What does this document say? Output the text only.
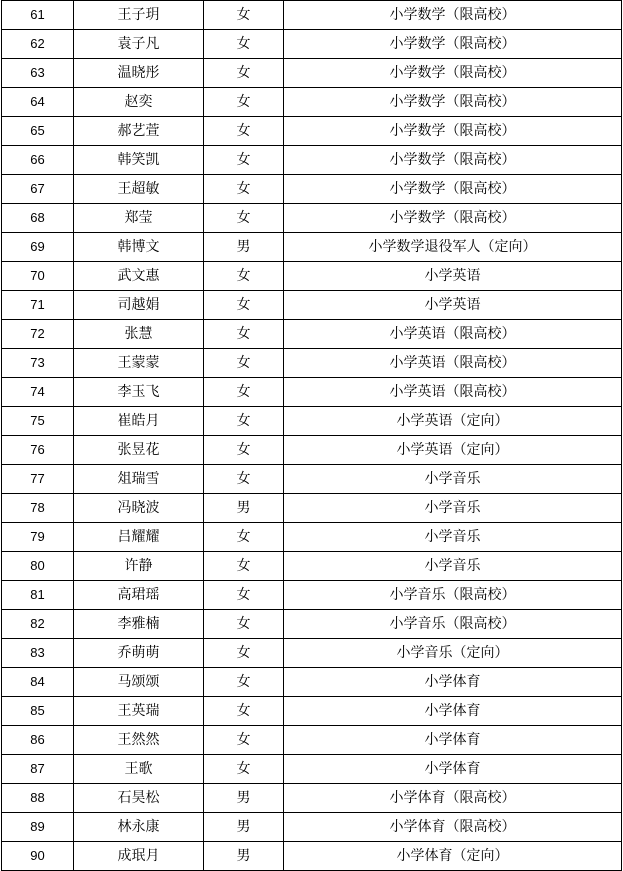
61	王子玥	女	小学数学（限高校）
62	袁子凡	女	小学数学（限高校）
63	温晓彤	女	小学数学（限高校）
64	赵奕	女	小学数学（限高校）
65	郝艺萱	女	小学数学（限高校）
66	韩笑凯	女	小学数学（限高校）
67	王超敏	女	小学数学（限高校）
68	郑莹	女	小学数学（限高校）
69	韩博文	男	小学数学退役军人（定向）
70	武文惠	女	小学英语
71	司越娟	女	小学英语
72	张慧	女	小学英语（限高校）
73	王蒙蒙	女	小学英语（限高校）
74	李玉飞	女	小学英语（限高校）
75	崔皓月	女	小学英语（定向）
76	张昱花	女	小学英语（定向）
77	俎瑞雪	女	小学音乐
78	冯晓波	男	小学音乐
79	吕耀耀	女	小学音乐
80	许静	女	小学音乐
81	高珺瑶	女	小学音乐（限高校）
82	李雅楠	女	小学音乐（限高校）
83	乔萌萌	女	小学音乐（定向）
84	马颂颂	女	小学体育
85	王英瑞	女	小学体育
86	王然然	女	小学体育
87	王歌	女	小学体育
88	石昊松	男	小学体育（限高校）
89	林永康	男	小学体育（限高校）
90	成珉月	男	小学体育（定向）
